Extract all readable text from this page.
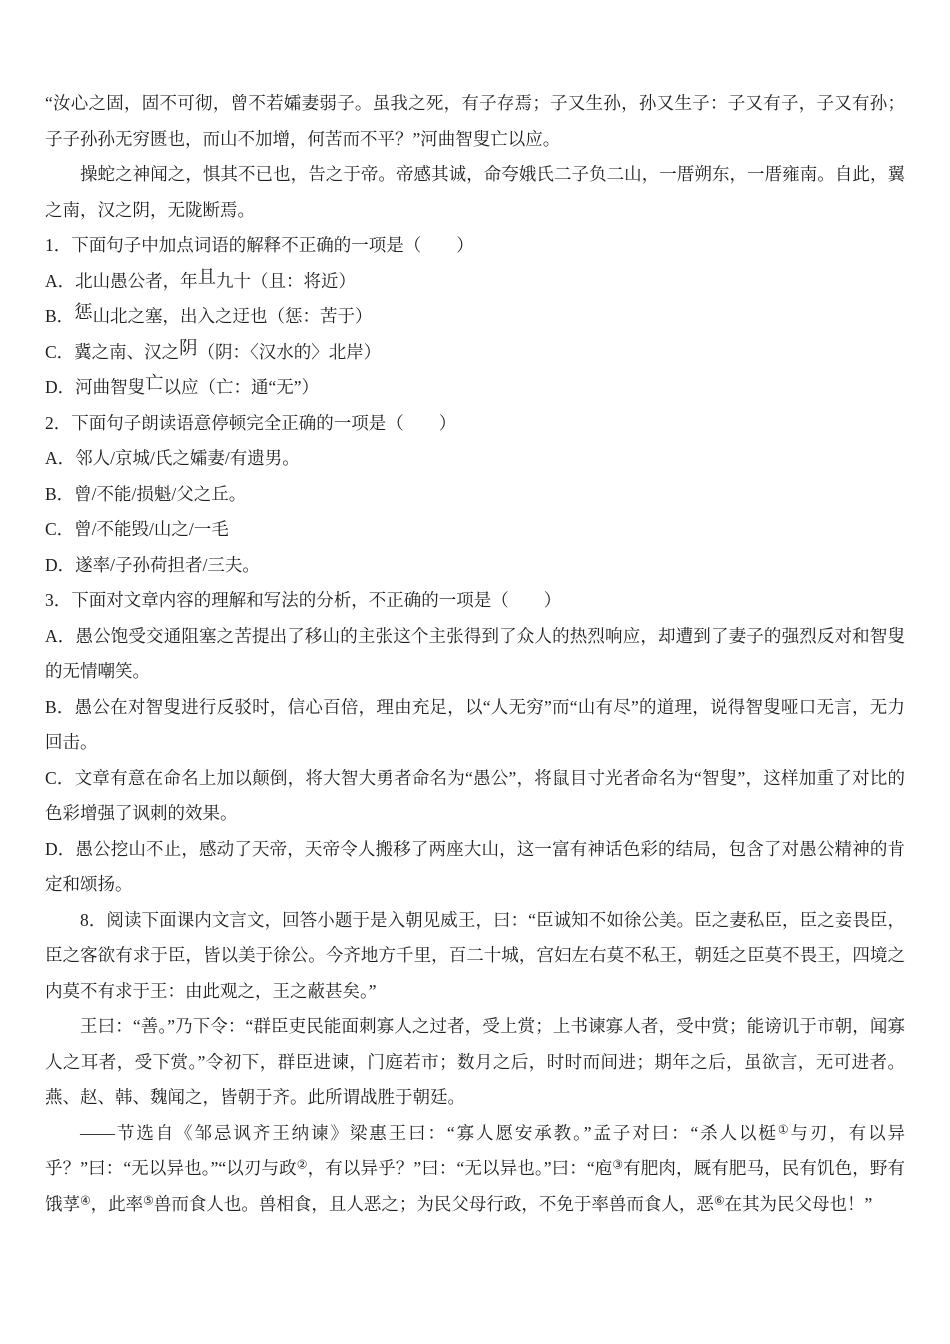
“汝心之固，固不可彻，曾不若孀妻弱子。虽我之死，有子存焉；子又生孙，孙又生子：子又有子，子又有孙；子子孙孙无穷匮也，而山不加增，何苦而不平？”河曲智叟亡以应。

操蛇之神闻之，惧其不已也，告之于帝。帝感其诚，命夸娥氏二子负二山，一厝朔东，一厝雍南。自此，翼之南，汉之阴，无陇断焉。

1．下面句子中加点词语的解释不正确的一项是（　　）

A．北山愚公者，年且九十（且：将近）

B．惩山北之塞，出入之迂也（惩：苦于）

C．冀之南、汉之阴（阴：〈汉水的〉北岸）

D．河曲智叟亡以应（亡：通“无”）

2．下面句子朗读语意停顿完全正确的一项是（　　）

A．邻人/京城/氏之孀妻/有遗男。

B．曾/不能/损魁/父之丘。

C．曾/不能毁/山之/一毛

D．遂率/子孙荷担者/三夫。

3．下面对文章内容的理解和写法的分析，不正确的一项是（　　）

A．愚公饱受交通阻塞之苦提出了移山的主张这个主张得到了众人的热烈响应，却遭到了妻子的强烈反对和智叟的无情嘲笑。

B．愚公在对智叟进行反驳时，信心百倍，理由充足，以“人无穷”而“山有尽”的道理，说得智叟哑口无言，无力回击。

C．文章有意在命名上加以颠倒，将大智大勇者命名为“愚公”，将鼠目寸光者命名为“智叟”，这样加重了对比的色彩增强了讽刺的效果。

D．愚公挖山不止，感动了天帝，天帝令人搬移了两座大山，这一富有神话色彩的结局，包含了对愚公精神的肯定和颂扬。

8．阅读下面课内文言文，回答小题于是入朝见威王，曰：“臣诚知不如徐公美。臣之妻私臣，臣之妾畏臣，臣之客欲有求于臣，皆以美于徐公。今齐地方千里，百二十城，宫妇左右莫不私王，朝廷之臣莫不畏王，四境之内莫不有求于王：由此观之，王之蔽甚矣。”

王曰：“善。”乃下令：“群臣吏民能面刺寡人之过者，受上赏；上书谏寡人者，受中赏；能谤讥于市朝，闻寡人之耳者，受下赏。”令初下，群臣进谏，门庭若市；数月之后，时时而间进；期年之后，虽欲言，无可进者。燕、赵、韩、魏闻之，皆朝于齐。此所谓战胜于朝廷。

——节选自《邹忌讽齐王纳谏》梁惠王曰：“寡人愿安承教。”孟子对曰：“杀人以梃①与刃，有以异乎？”曰：“无以异也。”“以刃与政②，有以异乎？”曰：“无以异也。”曰：“庖③有肥肉，厩有肥马，民有饥色，野有饿莩④，此率⑤兽而食人也。兽相食，且人恶之；为民父母行政，不免于率兽而食人，恶⑥在其为民父母也！”
